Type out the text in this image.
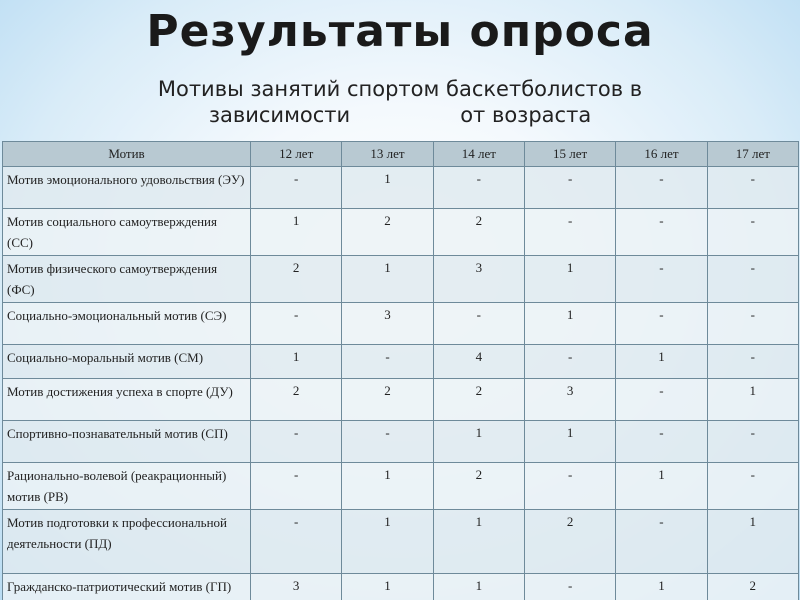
Результаты опроса
Мотивы занятий спортом баскетболистов в
зависимости	от возраста
Мотив	12 лет	13 лет	14 лет	15 лет	16 лет	17 лет
Мотив эмоционального удовольствия (ЭУ)	-	1	-	-	-	-
Мотив социального самоутверждения (СС)	1	2	2	-	-	-
Мотив физического самоутверждения (ФС)	2	1	3	1	-	-
Социально-эмоциональный мотив (СЭ)	-	3	-	1	-	-
Социально-моральный мотив (СМ)	1	-	4	-	1	-
Мотив достижения успеха в спорте (ДУ)	2	2	2	3	-	1
Спортивно-познавательный мотив (СП)	-	-	1	1	-	-
Рационально-волевой (реакрационный) мотив (РВ)	-	1	2	-	1	-
Мотив подготовки к профессиональной деятельности (ПД)	-	1	1	2	-	1
Гражданско-патриотический мотив (ГП)	3	1	1	-	1	2
